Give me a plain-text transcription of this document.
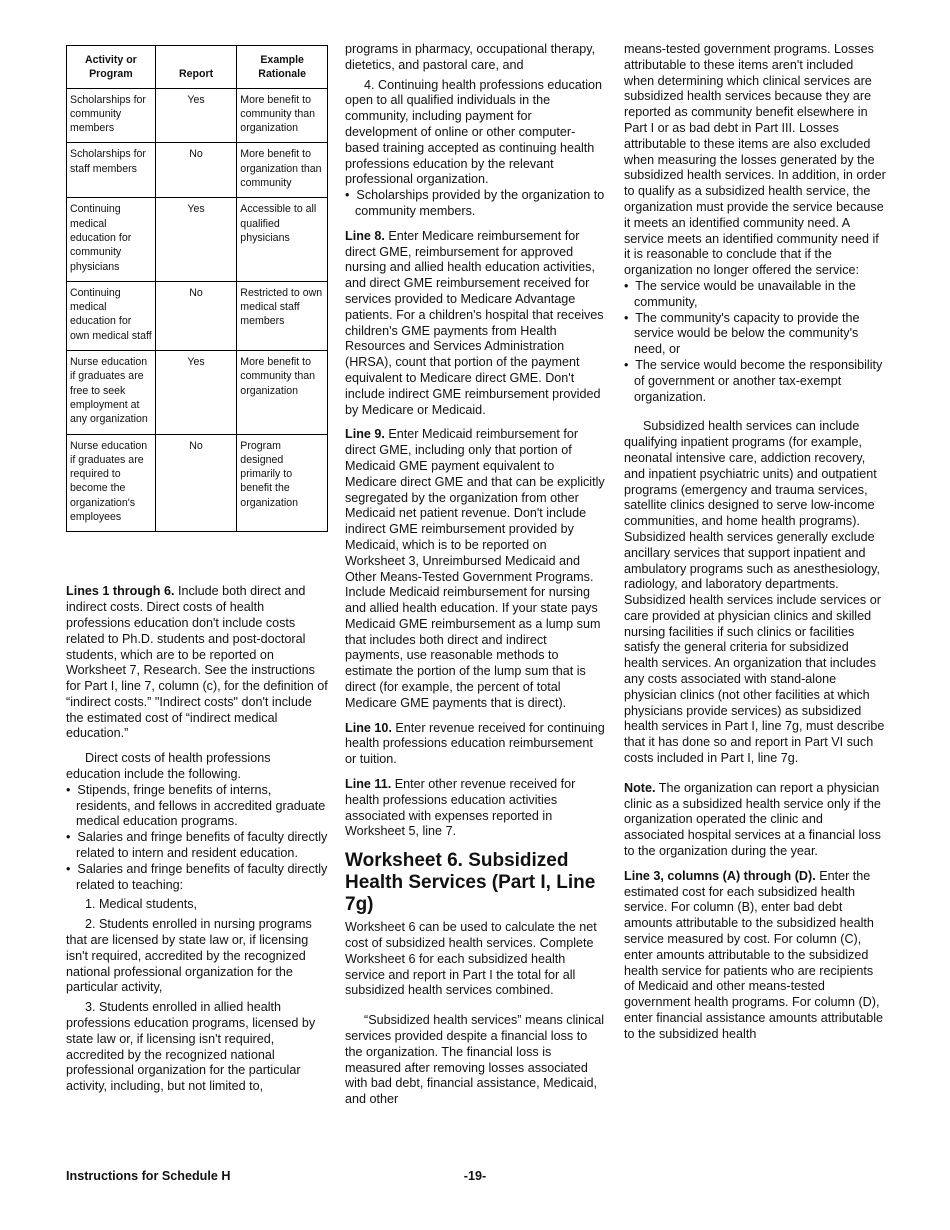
Activity or Program	Report	Example Rationale
Scholarships for community members	Yes	More benefit to community than organization
Scholarships for staff members	No	More benefit to organization than community
Continuing medical education for community physicians	Yes	Accessible to all qualified physicians
Continuing medical education for own medical staff	No	Restricted to own medical staff members
Nurse education if graduates are free to seek employment at any organization	Yes	More benefit to community than organization
Nurse education if graduates are required to become the organization's employees	No	Program designed primarily to benefit the organization

Lines 1 through 6. Include both direct and indirect costs. Direct costs of health professions education don't include costs related to Ph.D. students and post-doctoral students, which are to be reported on Worksheet 7, Research. See the instructions for Part I, line 7, column (c), for the definition of “indirect costs.” "Indirect costs" don't include the estimated cost of “indirect medical education.”

Direct costs of health professions education include the following.

•  Stipends, fringe benefits of interns, residents, and fellows in accredited graduate medical education programs.

•  Salaries and fringe benefits of faculty directly related to intern and resident education.

•  Salaries and fringe benefits of faculty directly related to teaching:

1. Medical students,

2. Students enrolled in nursing programs that are licensed by state law or, if licensing isn't required, accredited by the recognized national professional organization for the particular activity,

3. Students enrolled in allied health professions education programs, licensed by state law or, if licensing isn't required, accredited by the recognized national professional organization for the particular activity, including, but not limited to,

programs in pharmacy, occupational therapy, dietetics, and pastoral care, and

4. Continuing health professions education open to all qualified individuals in the community, including payment for development of online or other computer-based training accepted as continuing health professions education by the relevant professional organization.

•  Scholarships provided by the organization to community members.

Line 8. Enter Medicare reimbursement for direct GME, reimbursement for approved nursing and allied health education activities, and direct GME reimbursement received for services provided to Medicare Advantage patients. For a children's hospital that receives children's GME payments from Health Resources and Services Administration (HRSA), count that portion of the payment equivalent to Medicare direct GME. Don't include indirect GME reimbursement provided by Medicare or Medicaid.

Line 9. Enter Medicaid reimbursement for direct GME, including only that portion of Medicaid GME payment equivalent to Medicare direct GME and that can be explicitly segregated by the organization from other Medicaid net patient revenue. Don't include indirect GME reimbursement provided by Medicaid, which is to be reported on Worksheet 3, Unreimbursed Medicaid and Other Means-Tested Government Programs. Include Medicaid reimbursement for nursing and allied health education. If your state pays Medicaid GME reimbursement as a lump sum that includes both direct and indirect payments, use reasonable methods to estimate the portion of the lump sum that is direct (for example, the percent of total Medicare GME payments that is direct).

Line 10. Enter revenue received for continuing health professions education reimbursement or tuition.

Line 11. Enter other revenue received for health professions education activities associated with expenses reported in Worksheet 5, line 7.

Worksheet 6. Subsidized Health Services (Part I, Line 7g)

Worksheet 6 can be used to calculate the net cost of subsidized health services. Complete Worksheet 6 for each subsidized health service and report in Part I the total for all subsidized health services combined.

“Subsidized health services” means clinical services provided despite a financial loss to the organization. The financial loss is measured after removing losses associated with bad debt, financial assistance, Medicaid, and other

means-tested government programs. Losses attributable to these items aren't included when determining which clinical services are subsidized health services because they are reported as community benefit elsewhere in Part I or as bad debt in Part III. Losses attributable to these items are also excluded when measuring the losses generated by the subsidized health services. In addition, in order to qualify as a subsidized health service, the organization must provide the service because it meets an identified community need. A service meets an identified community need if it is reasonable to conclude that if the organization no longer offered the service:

•  The service would be unavailable in the community,

•  The community's capacity to provide the service would be below the community's need, or

•  The service would become the responsibility of government or another tax-exempt organization.

Subsidized health services can include qualifying inpatient programs (for example, neonatal intensive care, addiction recovery, and inpatient psychiatric units) and outpatient programs (emergency and trauma services, satellite clinics designed to serve low-income communities, and home health programs). Subsidized health services generally exclude ancillary services that support inpatient and ambulatory programs such as anesthesiology, radiology, and laboratory departments. Subsidized health services include services or care provided at physician clinics and skilled nursing facilities if such clinics or facilities satisfy the general criteria for subsidized health services. An organization that includes any costs associated with stand-alone physician clinics (not other facilities at which physicians provide services) as subsidized health services in Part I, line 7g, must describe that it has done so and report in Part VI such costs included in Part I, line 7g.

Note. The organization can report a physician clinic as a subsidized health service only if the organization operated the clinic and associated hospital services at a financial loss to the organization during the year.

Line 3, columns (A) through (D). Enter the estimated cost for each subsidized health service. For column (B), enter bad debt amounts attributable to the subsidized health service measured by cost. For column (C), enter amounts attributable to the subsidized health service for patients who are recipients of Medicaid and other means-tested government health programs. For column (D), enter financial assistance amounts attributable to the subsidized health

Instructions for Schedule H	-19-
